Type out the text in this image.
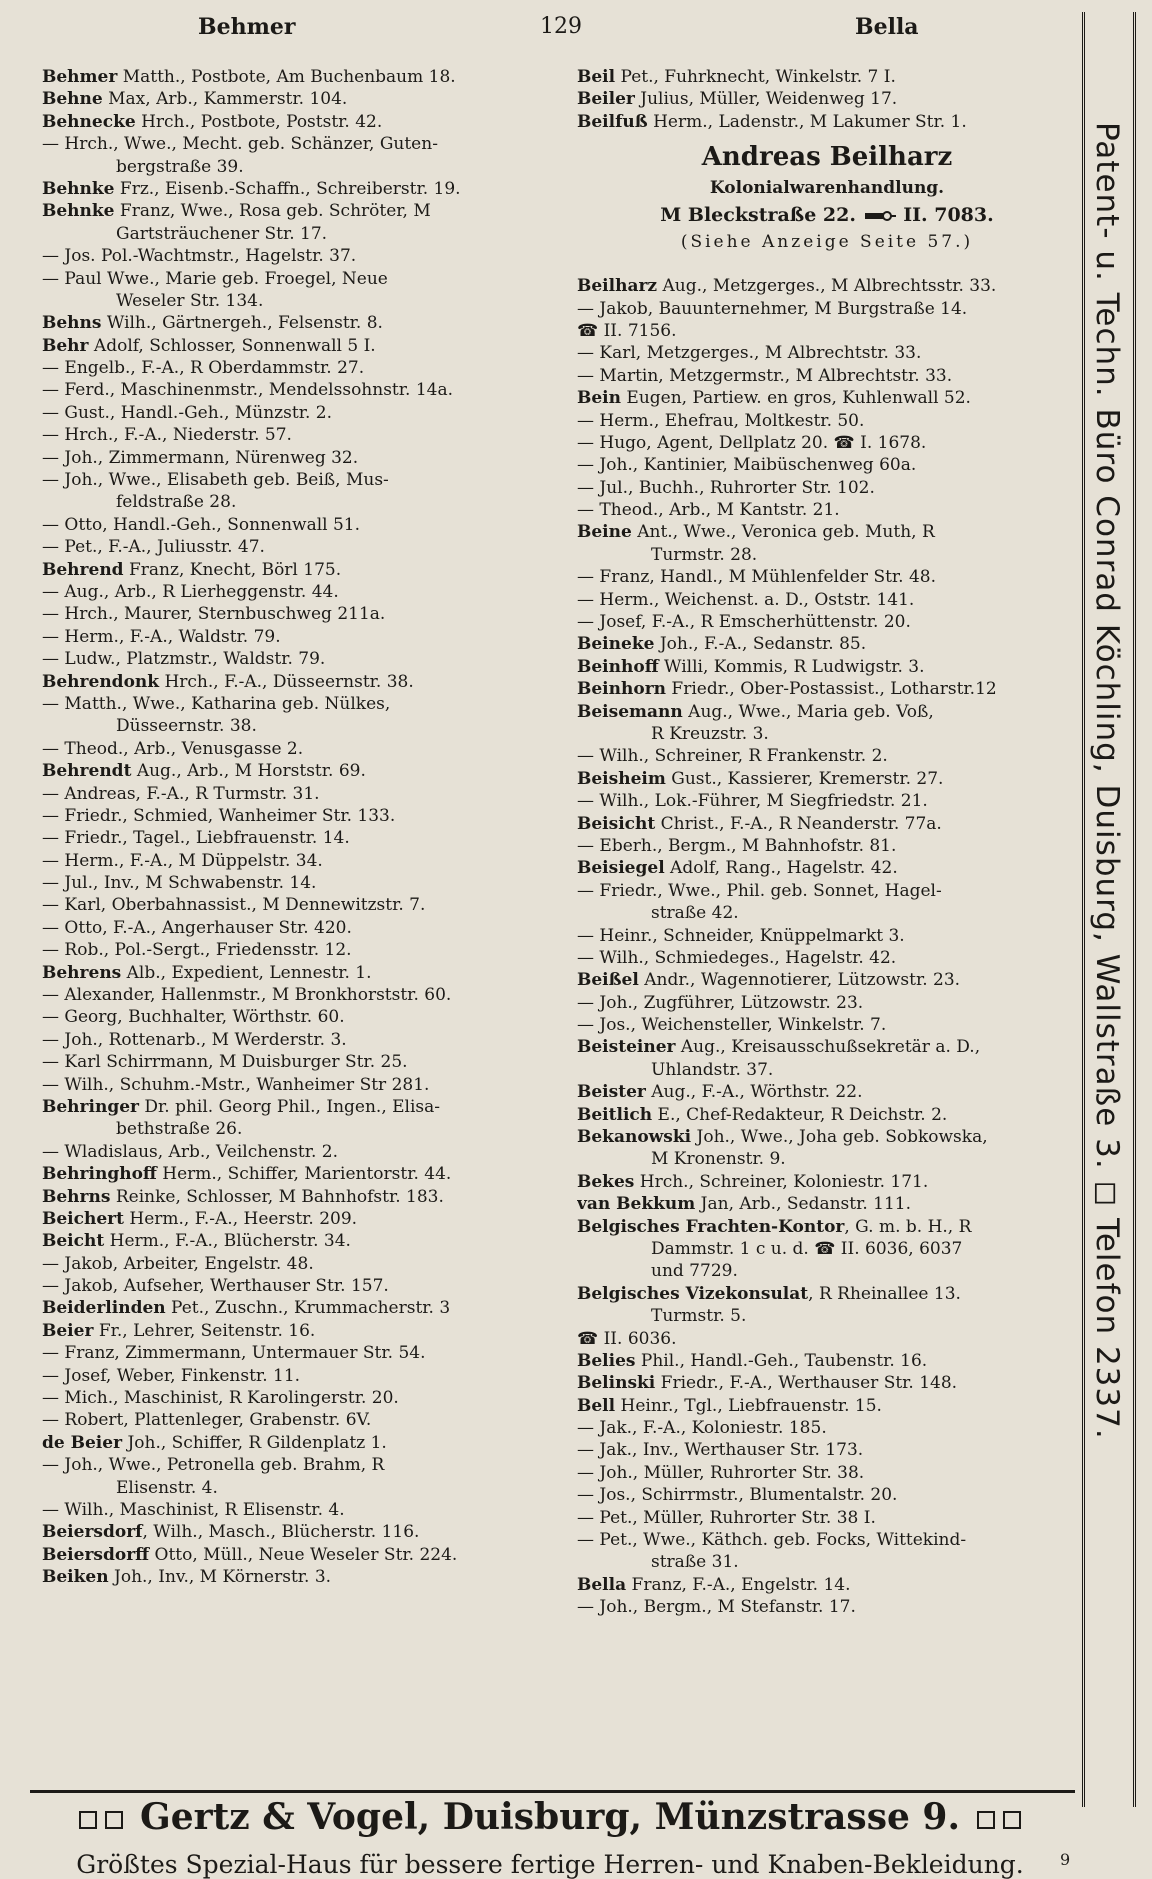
Behmer	129	Bella
Behmer Matth., Postbote, Am Buchenbaum 18.
Behne Max, Arb., Kammerstr. 104.
Behnecke Hrch., Postbote, Poststr. 42.
— Hrch., Wwe., Mecht. geb. Schänzer, Guten-
bergstraße 39.
Behnke Frz., Eisenb.-Schaffn., Schreiberstr. 19.
Behnke Franz, Wwe., Rosa geb. Schröter, M
Gartsträuchener Str. 17.
— Jos. Pol.-Wachtmstr., Hagelstr. 37.
— Paul Wwe., Marie geb. Froegel, Neue
Weseler Str. 134.
Behns Wilh., Gärtnergeh., Felsenstr. 8.
Behr Adolf, Schlosser, Sonnenwall 5 I.
— Engelb., F.-A., R Oberdammstr. 27.
— Ferd., Maschinenmstr., Mendelssohnstr. 14a.
— Gust., Handl.-Geh., Münzstr. 2.
— Hrch., F.-A., Niederstr. 57.
— Joh., Zimmermann, Nürenweg 32.
— Joh., Wwe., Elisabeth geb. Beiß, Mus-
feldstraße 28.
— Otto, Handl.-Geh., Sonnenwall 51.
— Pet., F.-A., Juliusstr. 47.
Behrend Franz, Knecht, Börl 175.
— Aug., Arb., R Lierheggenstr. 44.
— Hrch., Maurer, Sternbuschweg 211a.
— Herm., F.-A., Waldstr. 79.
— Ludw., Platzmstr., Waldstr. 79.
Behrendonk Hrch., F.-A., Düsseernstr. 38.
— Matth., Wwe., Katharina geb. Nülkes,
Düsseernstr. 38.
— Theod., Arb., Venusgasse 2.
Behrendt Aug., Arb., M Horststr. 69.
— Andreas, F.-A., R Turmstr. 31.
— Friedr., Schmied, Wanheimer Str. 133.
— Friedr., Tagel., Liebfrauenstr. 14.
— Herm., F.-A., M Düppelstr. 34.
— Jul., Inv., M Schwabenstr. 14.
— Karl, Oberbahnassist., M Dennewitzstr. 7.
— Otto, F.-A., Angerhauser Str. 420.
— Rob., Pol.-Sergt., Friedensstr. 12.
Behrens Alb., Expedient, Lennestr. 1.
— Alexander, Hallenmstr., M Bronkhorststr. 60.
— Georg, Buchhalter, Wörthstr. 60.
— Joh., Rottenarb., M Werderstr. 3.
— Karl Schirrmann, M Duisburger Str. 25.
— Wilh., Schuhm.-Mstr., Wanheimer Str 281.
Behringer Dr. phil. Georg Phil., Ingen., Elisa-
bethstraße 26.
— Wladislaus, Arb., Veilchenstr. 2.
Behringhoff Herm., Schiffer, Marientorstr. 44.
Behrns Reinke, Schlosser, M Bahnhofstr. 183.
Beichert Herm., F.-A., Heerstr. 209.
Beicht Herm., F.-A., Blücherstr. 34.
— Jakob, Arbeiter, Engelstr. 48.
— Jakob, Aufseher, Werthauser Str. 157.
Beiderlinden Pet., Zuschn., Krummacherstr. 3
Beier Fr., Lehrer, Seitenstr. 16.
— Franz, Zimmermann, Untermauer Str. 54.
— Josef, Weber, Finkenstr. 11.
— Mich., Maschinist, R Karolingerstr. 20.
— Robert, Plattenleger, Grabenstr. 6V.
de Beier Joh., Schiffer, R Gildenplatz 1.
— Joh., Wwe., Petronella geb. Brahm, R
Elisenstr. 4.
— Wilh., Maschinist, R Elisenstr. 4.
Beiersdorf, Wilh., Masch., Blücherstr. 116.
Beiersdorff Otto, Müll., Neue Weseler Str. 224.
Beiken Joh., Inv., M Körnerstr. 3.
Beil Pet., Fuhrknecht, Winkelstr. 7 I.
Beiler Julius, Müller, Weidenweg 17.
Beilfuß Herm., Ladenstr., M Lakumer Str. 1.
Andreas Beilharz
Kolonialwarenhandlung.
M Bleckstraße 22. II. 7083.
(Siehe Anzeige Seite 57.)
Beilharz Aug., Metzgerges., M Albrechtsstr. 33.
— Jakob, Bauunternehmer, M Burgstraße 14.
☎ II. 7156.
— Karl, Metzgerges., M Albrechtstr. 33.
— Martin, Metzgermstr., M Albrechtstr. 33.
Bein Eugen, Partiew. en gros, Kuhlenwall 52.
— Herm., Ehefrau, Moltkestr. 50.
— Hugo, Agent, Dellplatz 20. ☎ I. 1678.
— Joh., Kantinier, Maibüschenweg 60a.
— Jul., Buchh., Ruhrorter Str. 102.
— Theod., Arb., M Kantstr. 21.
Beine Ant., Wwe., Veronica geb. Muth, R
Turmstr. 28.
— Franz, Handl., M Mühlenfelder Str. 48.
— Herm., Weichenst. a. D., Oststr. 141.
— Josef, F.-A., R Emscherhüttenstr. 20.
Beineke Joh., F.-A., Sedanstr. 85.
Beinhoff Willi, Kommis, R Ludwigstr. 3.
Beinhorn Friedr., Ober-Postassist., Lotharstr.12
Beisemann Aug., Wwe., Maria geb. Voß,
R Kreuzstr. 3.
— Wilh., Schreiner, R Frankenstr. 2.
Beisheim Gust., Kassierer, Kremerstr. 27.
— Wilh., Lok.-Führer, M Siegfriedstr. 21.
Beisicht Christ., F.-A., R Neanderstr. 77a.
— Eberh., Bergm., M Bahnhofstr. 81.
Beisiegel Adolf, Rang., Hagelstr. 42.
— Friedr., Wwe., Phil. geb. Sonnet, Hagel-
straße 42.
— Heinr., Schneider, Knüppelmarkt 3.
— Wilh., Schmiedeges., Hagelstr. 42.
Beißel Andr., Wagennotierer, Lützowstr. 23.
— Joh., Zugführer, Lützowstr. 23.
— Jos., Weichensteller, Winkelstr. 7.
Beisteiner Aug., Kreisausschußsekretär a. D.,
Uhlandstr. 37.
Beister Aug., F.-A., Wörthstr. 22.
Beitlich E., Chef-Redakteur, R Deichstr. 2.
Bekanowski Joh., Wwe., Joha geb. Sobkowska,
M Kronenstr. 9.
Bekes Hrch., Schreiner, Koloniestr. 171.
van Bekkum Jan, Arb., Sedanstr. 111.
Belgisches Frachten-Kontor, G. m. b. H., R
Dammstr. 1 c u. d. ☎ II. 6036, 6037
und 7729.
Belgisches Vizekonsulat, R Rheinallee 13.
Turmstr. 5.
☎ II. 6036.
Belies Phil., Handl.-Geh., Taubenstr. 16.
Belinski Friedr., F.-A., Werthauser Str. 148.
Bell Heinr., Tgl., Liebfrauenstr. 15.
— Jak., F.-A., Koloniestr. 185.
— Jak., Inv., Werthauser Str. 173.
— Joh., Müller, Ruhrorter Str. 38.
— Jos., Schirrmstr., Blumentalstr. 20.
— Pet., Müller, Ruhrorter Str. 38 I.
— Pet., Wwe., Käthch. geb. Focks, Wittekind-
straße 31.
Bella Franz, F.-A., Engelstr. 14.
— Joh., Bergm., M Stefanstr. 17.
Patent- u. Techn. Büro Conrad Köchling, Duisburg, Wallstraße 3. ◻ Telefon 2337.
Gertz & Vogel, Duisburg, Münzstrasse 9.
Größtes Spezial-Haus für bessere fertige Herren- und Knaben-Bekleidung.	9
